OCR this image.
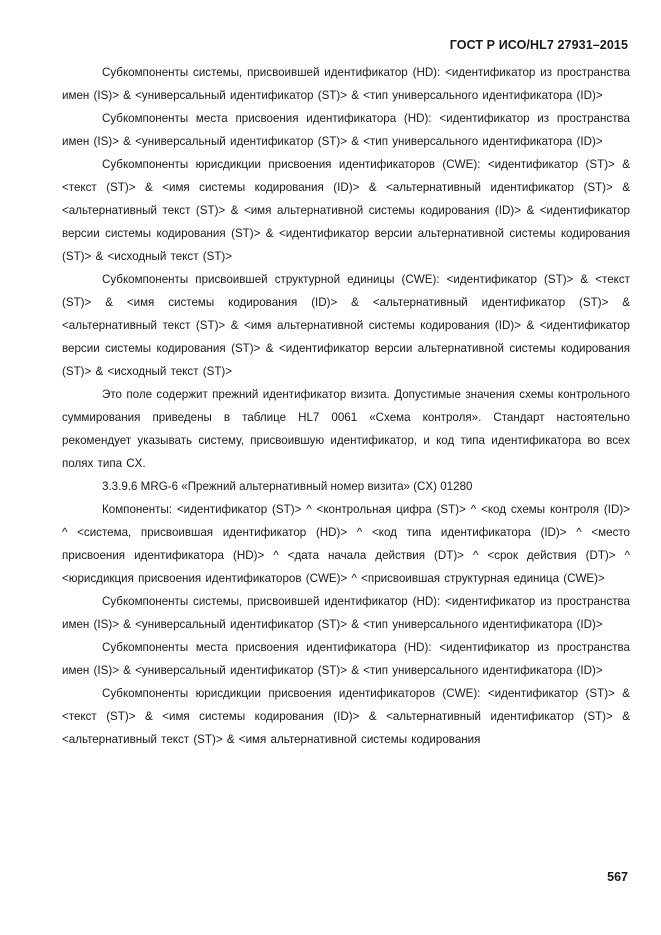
ГОСТ Р ИСО/HL7 27931–2015

Субкомпоненты системы, присвоившей идентификатор (HD): <идентификатор из пространства имен (IS)> & <универсальный идентификатор (ST)> & <тип универсального идентификатора (ID)>

Субкомпоненты места присвоения идентификатора (HD): <идентификатор из пространства имен (IS)> & <универсальный идентификатор (ST)> & <тип универсального идентификатора (ID)>

Субкомпоненты юрисдикции присвоения идентификаторов (CWE): <идентификатор (ST)> & <текст (ST)> & <имя системы кодирования (ID)> & <альтернативный идентификатор (ST)> & <альтернативный текст (ST)> & <имя альтернативной системы кодирования (ID)> & <идентификатор версии системы кодирования (ST)> & <идентификатор версии альтернативной системы кодирования (ST)> & <исходный текст (ST)>

Субкомпоненты присвоившей структурной единицы (CWE): <идентификатор (ST)> & <текст (ST)> & <имя системы кодирования (ID)> & <альтернативный идентификатор (ST)> & <альтернативный текст (ST)> & <имя альтернативной системы кодирования (ID)> & <идентификатор версии системы кодирования (ST)> & <идентификатор версии альтернативной системы кодирования (ST)> & <исходный текст (ST)>

Это поле содержит прежний идентификатор визита. Допустимые значения схемы контрольного суммирования приведены в таблице HL7 0061 «Схема контроля». Стандарт настоятельно рекомендует указывать систему, присвоившую идентификатор, и код типа идентификатора во всех полях типа CX.

3.3.9.6 MRG-6 «Прежний альтернативный номер визита» (CX) 01280

Компоненты: <идентификатор (ST)> ^ <контрольная цифра (ST)> ^ <код схемы контроля (ID)> ^ <система, присвоившая идентификатор (HD)> ^ <код типа идентификатора (ID)> ^ <место присвоения идентификатора (HD)> ^ <дата начала действия (DT)> ^ <срок действия (DT)> ^ <юрисдикция присвоения идентификаторов (CWE)> ^ <присвоившая структурная единица (CWE)>

Субкомпоненты системы, присвоившей идентификатор (HD): <идентификатор из пространства имен (IS)> & <универсальный идентификатор (ST)> & <тип универсального идентификатора (ID)>

Субкомпоненты места присвоения идентификатора (HD): <идентификатор из пространства имен (IS)> & <универсальный идентификатор (ST)> & <тип универсального идентификатора (ID)>

Субкомпоненты юрисдикции присвоения идентификаторов (CWE): <идентификатор (ST)> & <текст (ST)> & <имя системы кодирования (ID)> & <альтернативный идентификатор (ST)> & <альтернативный текст (ST)> & <имя альтернативной системы кодирования

567
